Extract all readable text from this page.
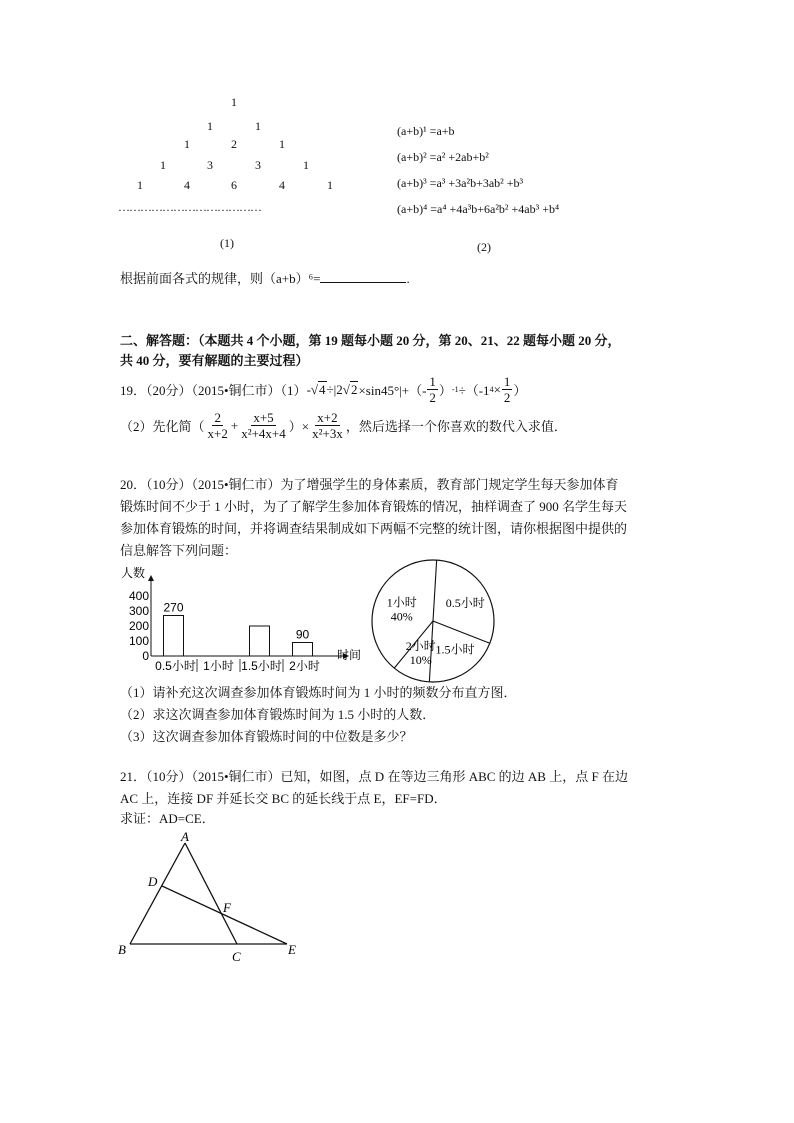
1
1	1
1	2	1
1	3	3	1
1	4	6	4	1
…………………………………
(1)
(a+b)¹ =a+b
(a+b)² =a² +2ab+b²
(a+b)³ =a³ +3a²b+3ab² +b³
(a+b)⁴ =a⁴ +4a³b+6a²b² +4ab³ +b⁴
(2)
根据前面各式的规律，则（a+b）⁶=	.
二、解答题：（本题共 4 个小题，第 19 题每小题 20 分，第 20、21、22 题每小题 20 分，
共 40 分，要有解题的主要过程）
19．（20分）（2015•铜仁市）（1） - √ 4 ÷| 2 √ $2 \times\sin 45^\circ|+(- \frac{1}{2}$ ） -1 ÷（-1 $4 \times \frac{1}{2}$ ）
（2）先化简（ $\frac{2}{x+2} + \frac{x+5}{\text{x²+4x+4}}$ ）× $\frac{x+2}{\text{x²+3x}}$ ，然后选择一个你喜欢的数代入求值．
20．（10分）（2015•铜仁市）为了增强学生的身体素质，教育部门规定学生每天参加体育
锻炼时间不少于 1 小时，为了了解学生参加体育锻炼的情况，抽样调查了 900 名学生每天
参加体育锻炼的时间，并将调查结果制成如下两幅不完整的统计图，请你根据图中提供的
信息解答下列问题：
人数
时间
400
300
200
100
0
0.5小时
270
1小时 1.5小时 2小时
90
1小时
40%
0.5小时
1.5小时
2小时
10%
（1）请补充这次调查参加体育锻炼时间为 1 小时的频数分布直方图．
（2）求这次调查参加体育锻炼时间为 1.5 小时的人数．
（3）这次调查参加体育锻炼时间的中位数是多少？
21．（10分）（2015•铜仁市）已知，如图，点 D 在等边三角形 ABC 的边 AB 上，点 F 在边
AC 上，连接 DF 并延长交 BC 的延长线于点 E，EF=FD．
求证：AD=CE．
A
D
F
B	C	E
